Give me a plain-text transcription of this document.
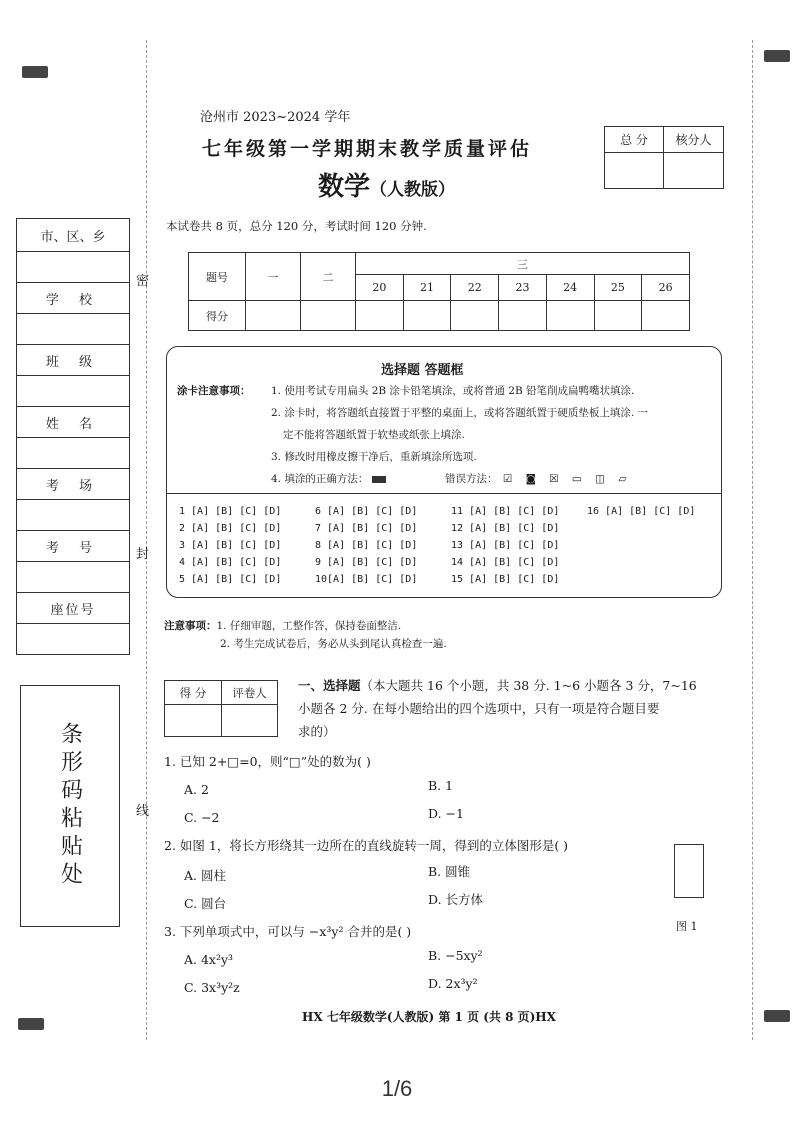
密
封
线
市、区、乡
学 校
班 级
姓 名
考 场
考 号
座位号
条形码粘贴处
沧州市 2023~2024 学年
七年级第一学期期末教学质量评估
数学（人教版）
本试卷共 8 页，总分 120 分，考试时间 120 分钟.
总 分	核分人

题号	一	二	三						
			20	21	22	23	24	25	26
得分									
选择题 答题框
涂卡注意事项： 1. 使用考试专用扁头 2B 涂卡铅笔填涂，或将普通 2B 铅笔削成扁鸭嘴状填涂.
2. 涂卡时，将答题纸直接置于平整的桌面上，或将答题纸置于硬质垫板上填涂. 一
定不能将答题纸置于软垫或纸张上填涂.
3. 修改时用橡皮擦干净后，重新填涂所选项.
4. 填涂的正确方法：	错误方法： ☑ ◙ ☒ ▭ ◫ ▱
1 [A] [B] [C] [D]
2 [A] [B] [C] [D]
3 [A] [B] [C] [D]
4 [A] [B] [C] [D]
5 [A] [B] [C] [D]
6 [A] [B] [C] [D]
7 [A] [B] [C] [D]
8 [A] [B] [C] [D]
9 [A] [B] [C] [D]
10[A] [B] [C] [D]
11 [A] [B] [C] [D]
12 [A] [B] [C] [D]
13 [A] [B] [C] [D]
14 [A] [B] [C] [D]
15 [A] [B] [C] [D]
16 [A] [B] [C] [D]
注意事项：1. 仔细审题，工整作答，保持卷面整洁.
2. 考生完成试卷后，务必从头到尾认真检查一遍.
得 分	评卷人
		一、选择题（本大题共 16 个小题，共 38 分. 1~6 小题各 3 分，7~16
小题各 2 分. 在每小题给出的四个选项中，只有一项是符合题目要
求的）
1. 已知 2+□=0，则“□”处的数为( )
A. 2	B. 1
C. −2	D. −1
2. 如图 1，将长方形绕其一边所在的直线旋转一周，得到的立体图形是( )
A. 圆柱	B. 圆锥
C. 圆台	D. 长方体
图 1
3. 下列单项式中，可以与 −x³y² 合并的是( )
A. 4x²y³	B. −5xy²
C. 3x³y²z	D. 2x³y²
HX 七年级数学(人教版) 第 1 页 (共 8 页)HX
1/6
